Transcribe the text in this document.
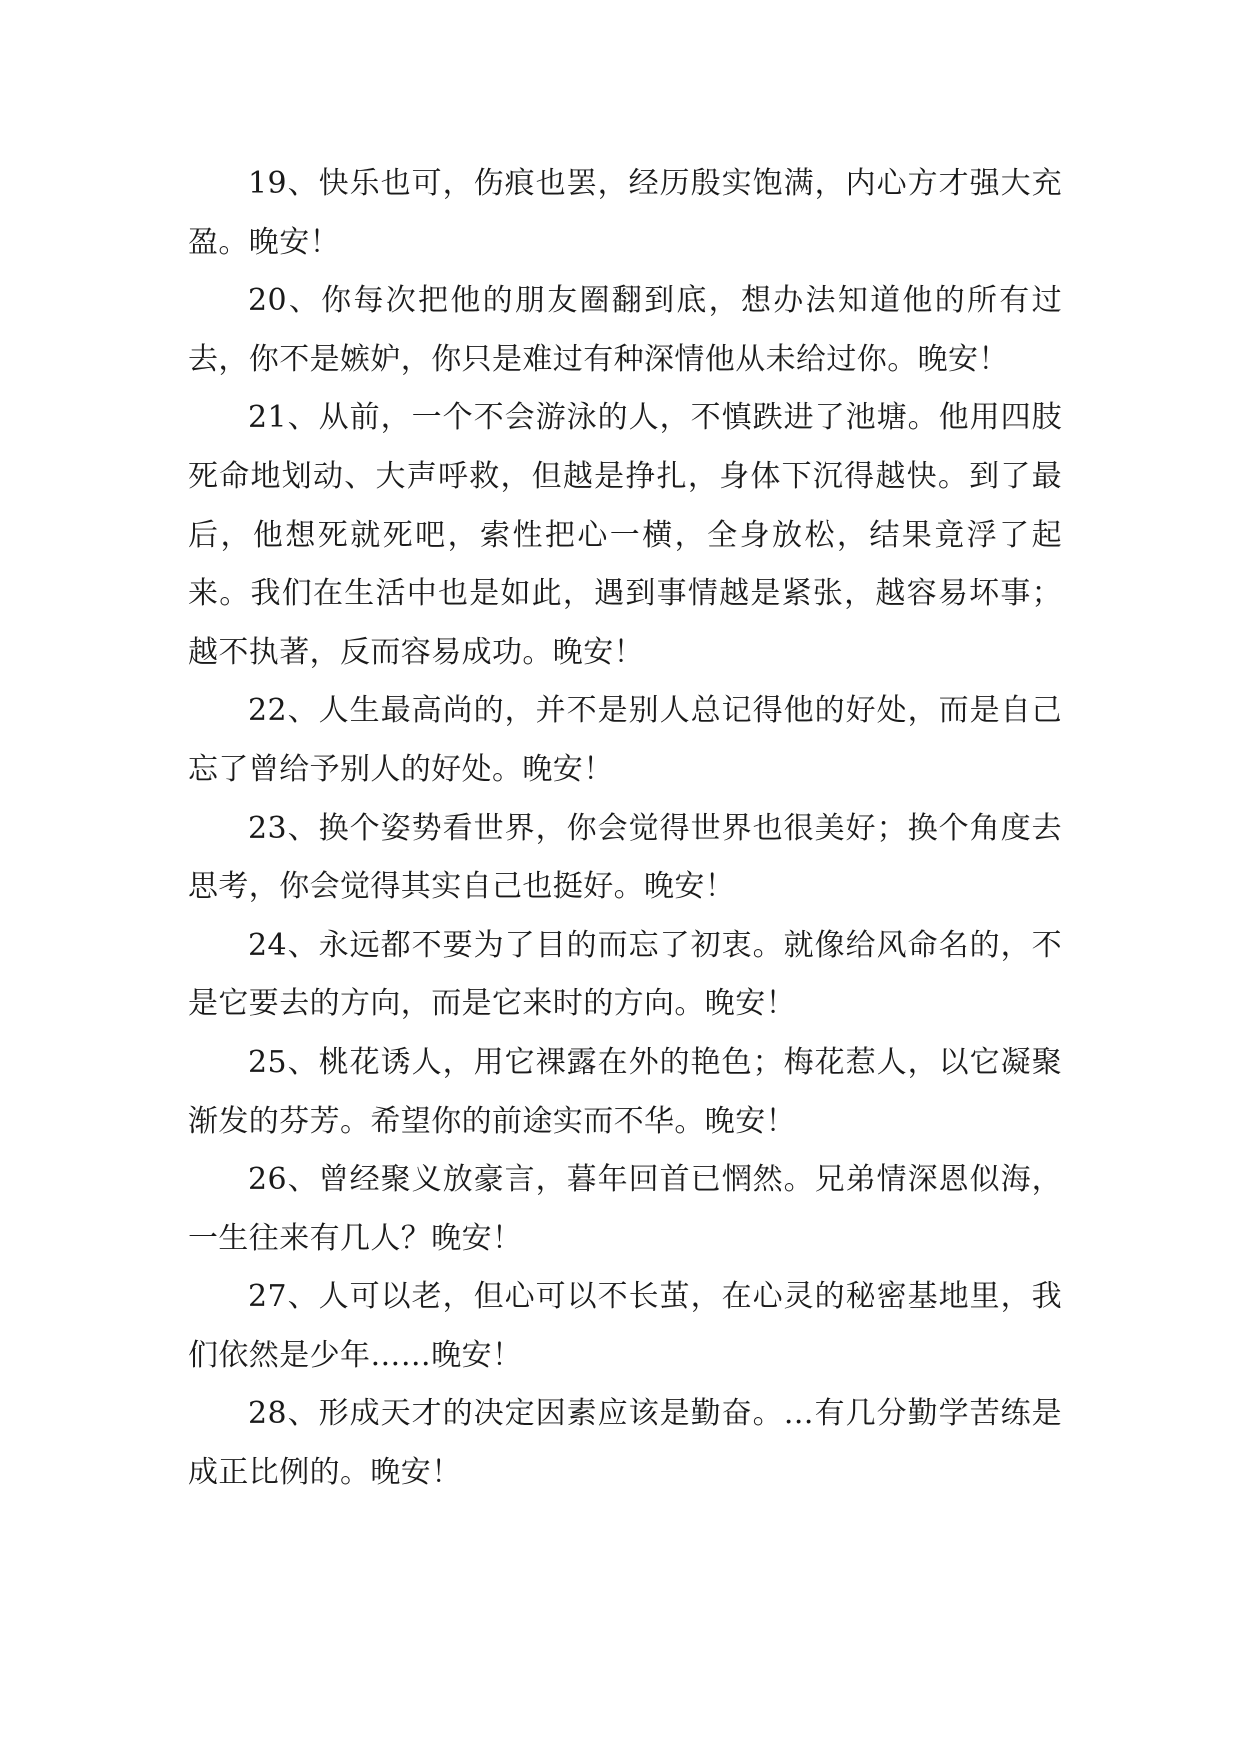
19、快乐也可，伤痕也罢，经历殷实饱满，内心方才强大充盈。晚安！

20、你每次把他的朋友圈翻到底，想办法知道他的所有过去，你不是嫉妒，你只是难过有种深情他从未给过你。晚安！

21、从前，一个不会游泳的人，不慎跌进了池塘。他用四肢死命地划动、大声呼救，但越是挣扎，身体下沉得越快。到了最后，他想死就死吧，索性把心一横，全身放松，结果竟浮了起来。我们在生活中也是如此，遇到事情越是紧张，越容易坏事；越不执著，反而容易成功。晚安！

22、人生最高尚的，并不是别人总记得他的好处，而是自己忘了曾给予别人的好处。晚安！

23、换个姿势看世界，你会觉得世界也很美好；换个角度去思考，你会觉得其实自己也挺好。晚安！

24、永远都不要为了目的而忘了初衷。就像给风命名的，不是它要去的方向，而是它来时的方向。晚安！

25、桃花诱人，用它裸露在外的艳色；梅花惹人，以它凝聚渐发的芬芳。希望你的前途实而不华。晚安！

26、曾经聚义放豪言，暮年回首已惘然。兄弟情深恩似海，一生往来有几人？晚安！

27、人可以老，但心可以不长茧，在心灵的秘密基地里，我们依然是少年……晚安！

28、形成天才的决定因素应该是勤奋。…有几分勤学苦练是成正比例的。晚安！
